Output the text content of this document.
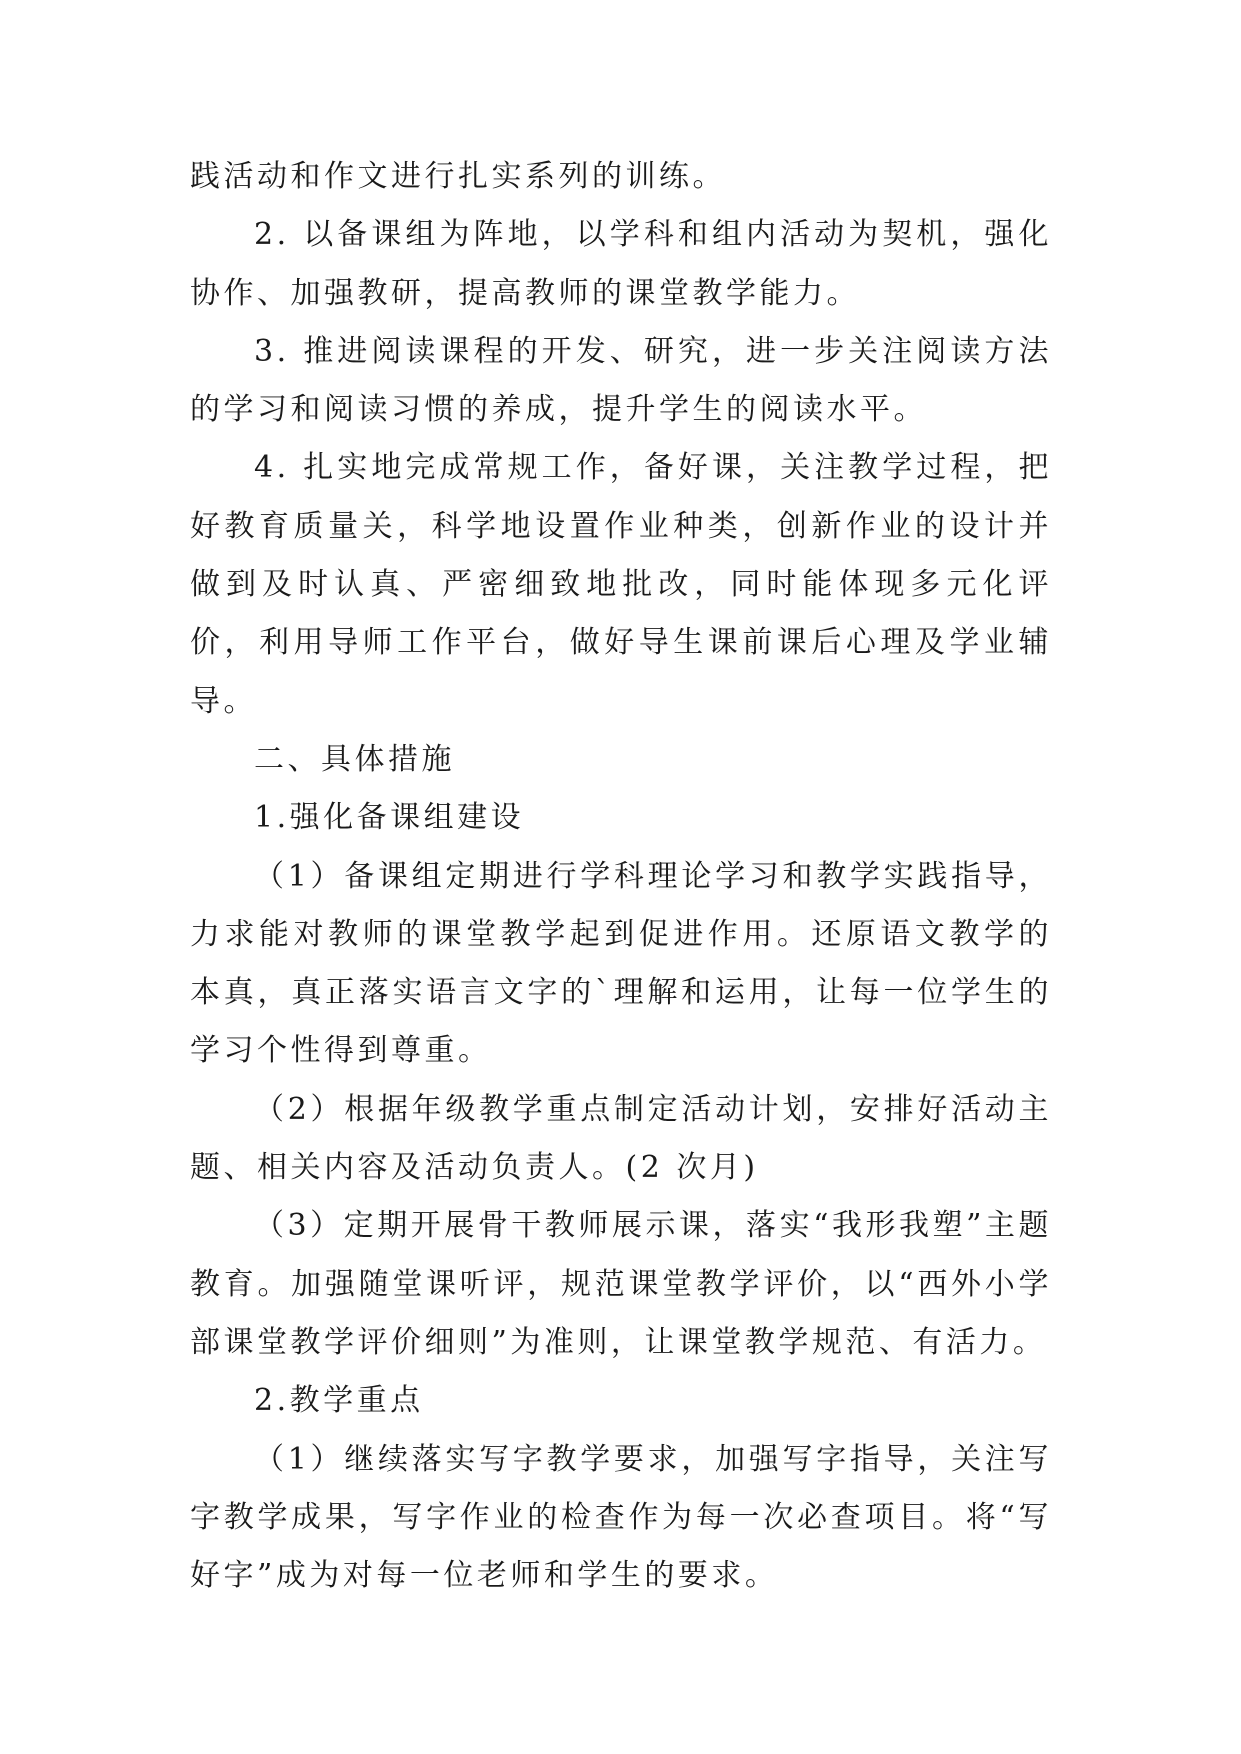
践活动和作文进行扎实系列的训练。

2. 以备课组为阵地，以学科和组内活动为契机，强化协作、加强教研，提高教师的课堂教学能力。

3. 推进阅读课程的开发、研究，进一步关注阅读方法的学习和阅读习惯的养成，提升学生的阅读水平。

4. 扎实地完成常规工作，备好课，关注教学过程，把好教育质量关，科学地设置作业种类，创新作业的设计并做到及时认真、严密细致地批改，同时能体现多元化评价，利用导师工作平台，做好导生课前课后心理及学业辅导。

二、具体措施

1.强化备课组建设

（1）备课组定期进行学科理论学习和教学实践指导，力求能对教师的课堂教学起到促进作用。还原语文教学的本真，真正落实语言文字的`理解和运用，让每一位学生的学习个性得到尊重。

（2）根据年级教学重点制定活动计划，安排好活动主题、相关内容及活动负责人。(2 次月)

（3）定期开展骨干教师展示课，落实“我形我塑”主题教育。加强随堂课听评，规范课堂教学评价，以“西外小学部课堂教学评价细则”为准则，让课堂教学规范、有活力。

2.教学重点

（1）继续落实写字教学要求，加强写字指导，关注写字教学成果，写字作业的检查作为每一次必查项目。将“写好字”成为对每一位老师和学生的要求。
